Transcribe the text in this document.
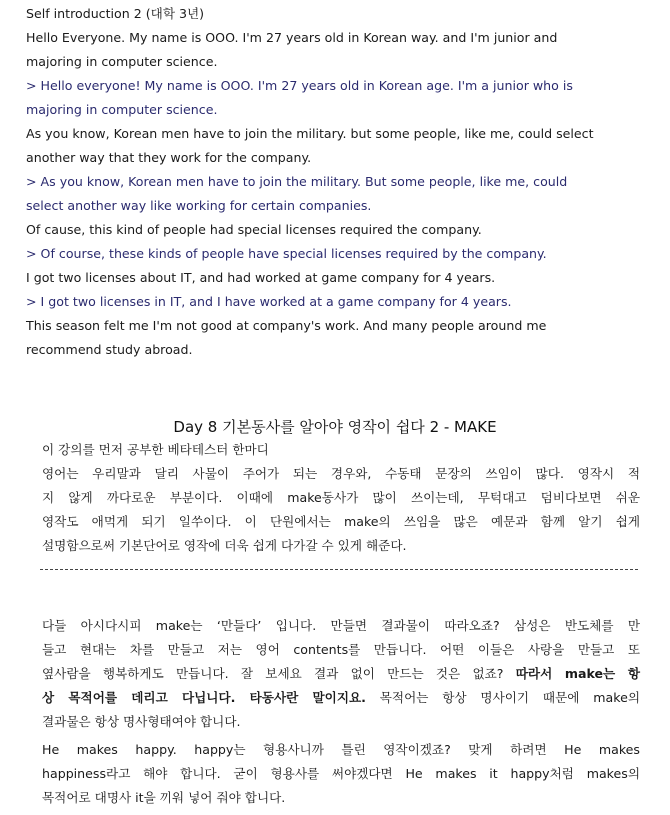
Self introduction 2 (대학 3년)
Hello Everyone. My name is OOO. I'm 27 years old in Korean way. and I'm junior and
majoring in computer science.
> Hello everyone! My name is OOO. I'm 27 years old in Korean age. I'm a junior who is
majoring in computer science.
As you know, Korean men have to join the military. but some people, like me, could select
another way that they work for the company.
> As you know, Korean men have to join the military. But some people, like me, could
select another way like working for certain companies.
Of cause, this kind of people had special licenses required the company.
> Of course, these kinds of people have special licenses required by the company.
I got two licenses about IT, and had worked at game company for 4 years.
> I got two licenses in IT, and I have worked at a game company for 4 years.
This season felt me I'm not good at company's work. And many people around me
recommend study abroad.
Day 8 기본동사를 알아야 영작이 쉽다 2 - MAKE
이 강의를 먼저 공부한 베타테스터 한마디
영어는 우리말과 달리 사물이 주어가 되는 경우와, 수동태 문장의 쓰임이 많다. 영작시 적
지 않게 까다로운 부분이다. 이때에 make동사가 많이 쓰이는데, 무턱대고 덤비다보면 쉬운
영작도 애먹게 되기 일쑤이다. 이 단원에서는 make의 쓰임을 많은 예문과 함께 알기 쉽게
설명함으로써 기본단어로 영작에 더욱 쉽게 다가갈 수 있게 해준다.
다들 아시다시피 make는 ‘만들다’ 입니다. 만들면 결과물이 따라오죠? 삼성은 반도체를 만
들고 현대는 차를 만들고 저는 영어 contents를 만듭니다. 어떤 이들은 사랑을 만들고 또
옆사람을 행복하게도 만듭니다. 잘 보세요 결과 없이 만드는 것은 없죠? 따라서 make는 항
상 목적어를 데리고 다닙니다. 타동사란 말이지요. 목적어는 항상 명사이기 때문에 make의
결과물은 항상 명사형태여야 합니다.
He makes happy. happy는 형용사니까 틀린 영작이겠죠? 맞게 하려면 He makes
happiness라고 해야 합니다. 굳이 형용사를 써야겠다면 He makes it happy처럼 makes의
목적어로 대명사 it을 끼워 넣어 줘야 합니다.
